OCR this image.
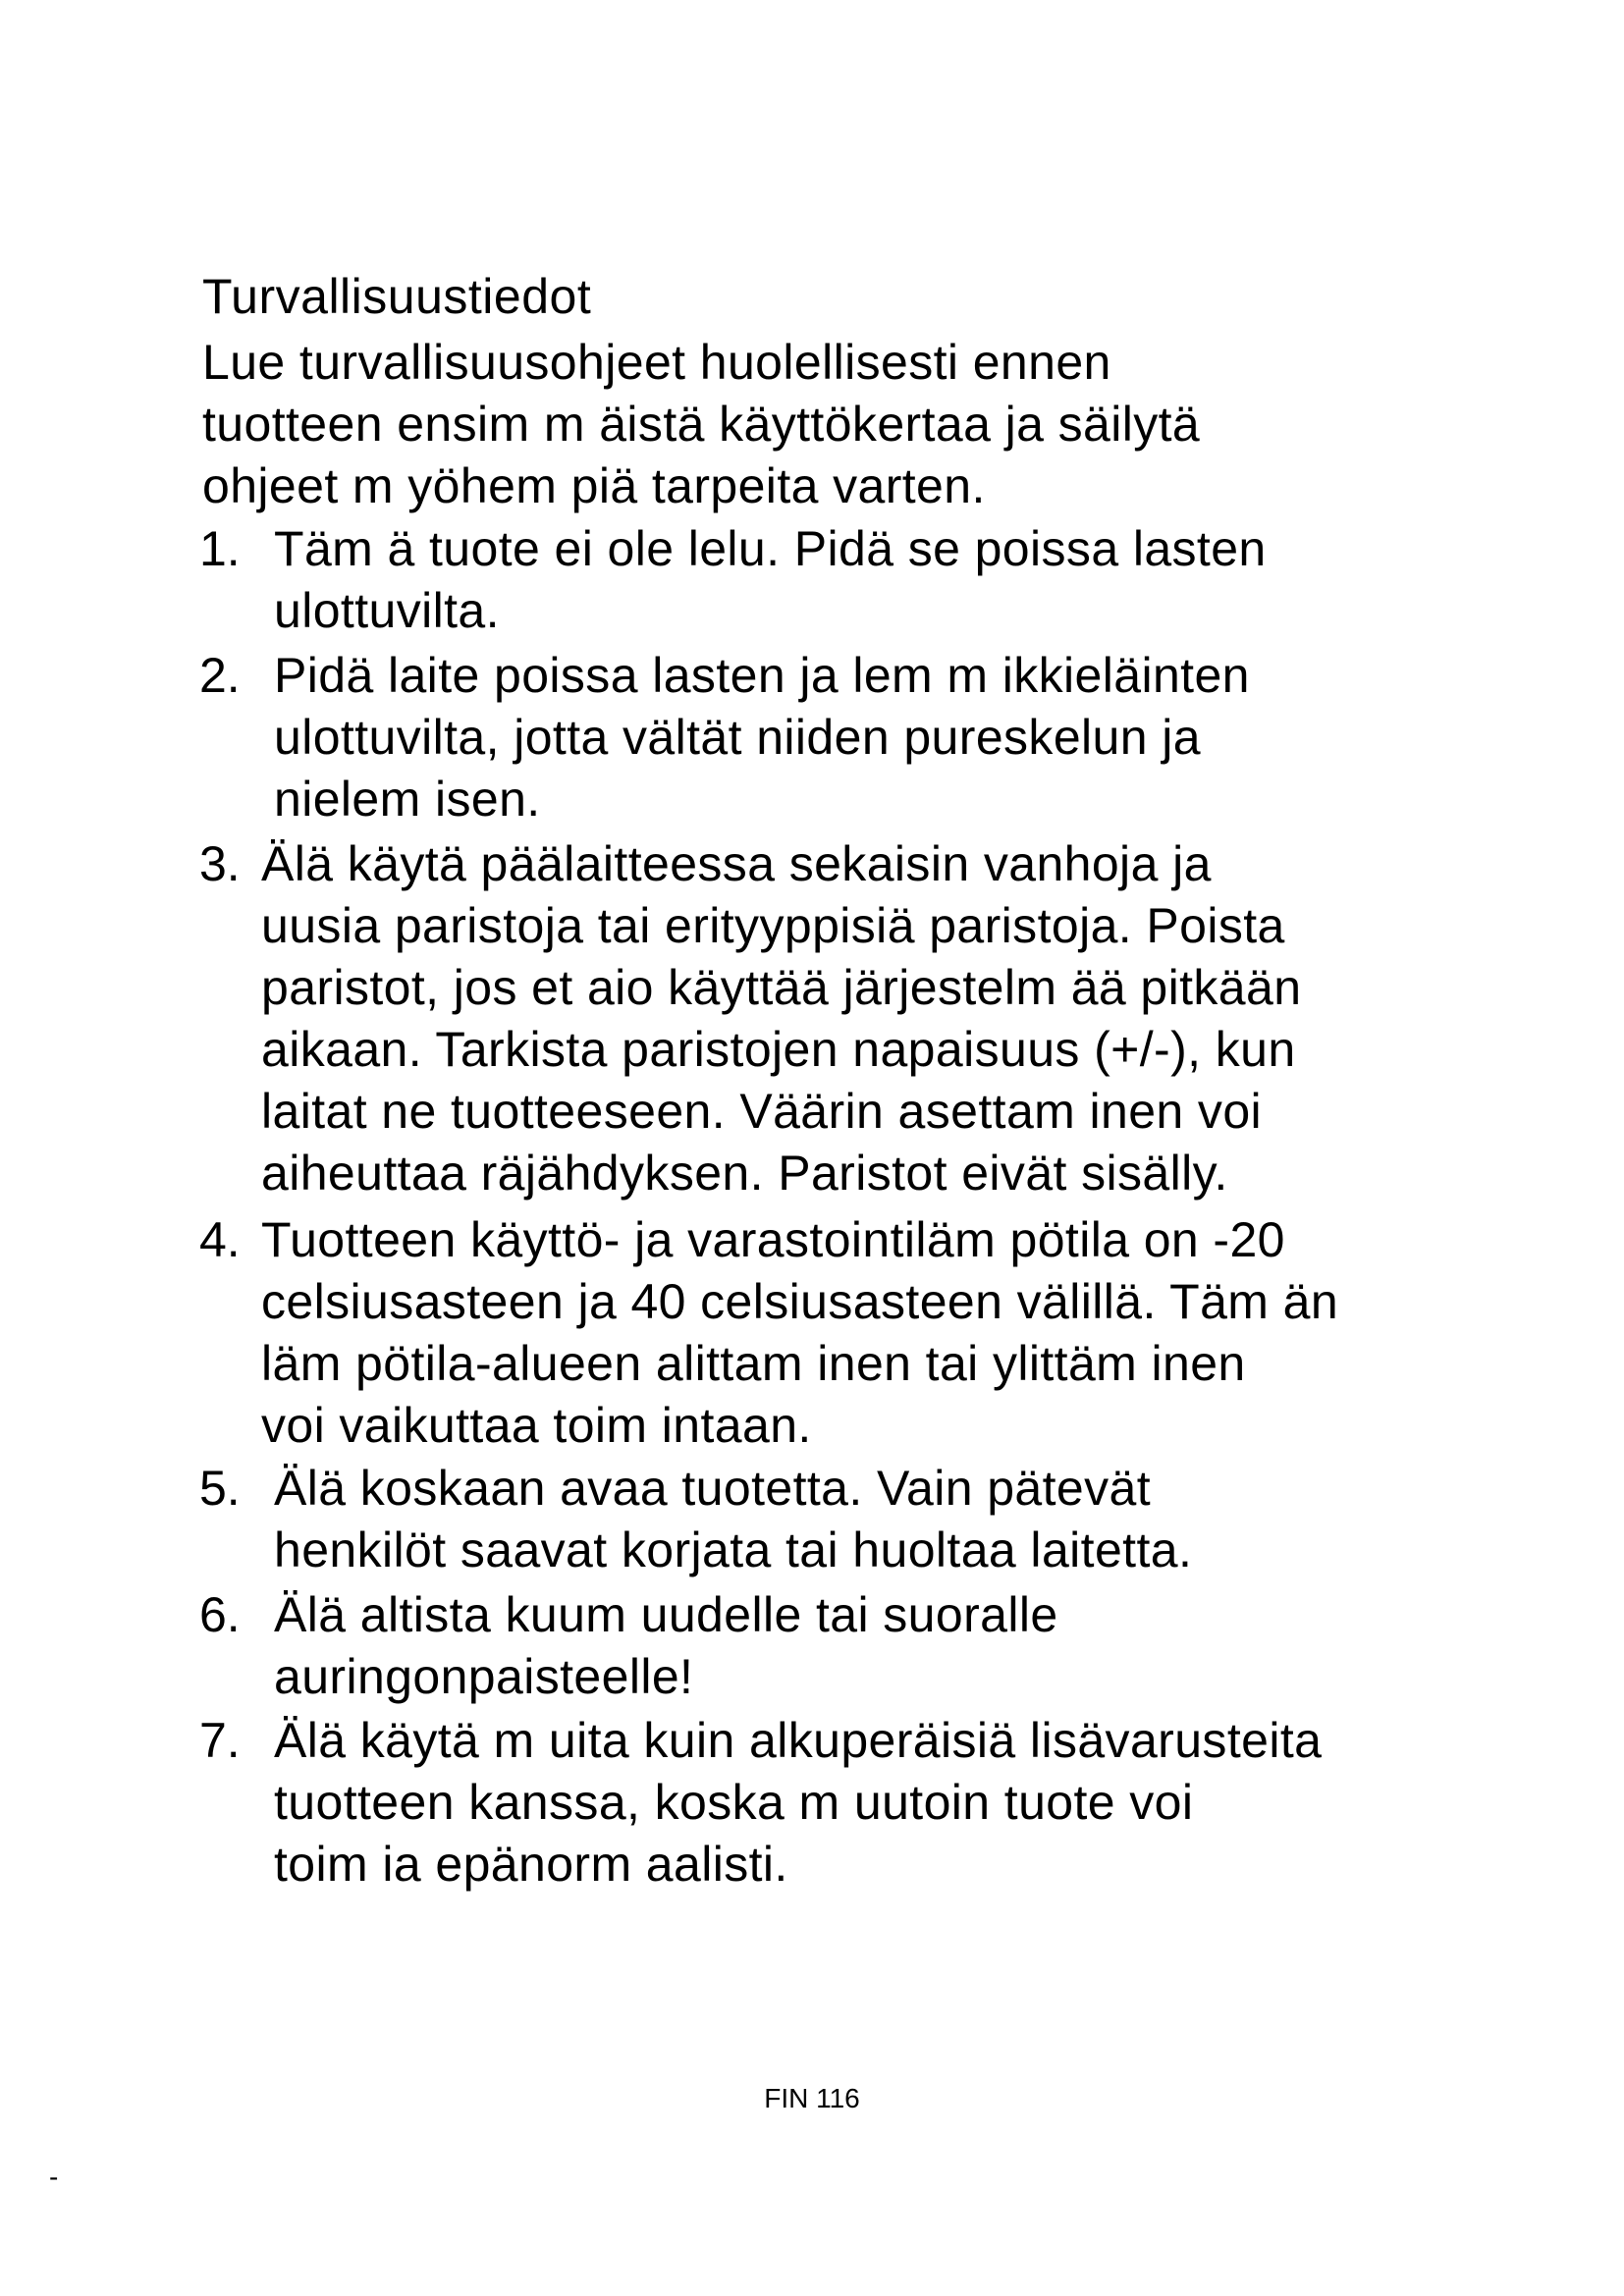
Turvallisuustiedot
Lue turvallisuusohjeet huolellisesti ennen
tuotteen ensim m äistä käyttökertaa ja säilytä
ohjeet m yöhem piä tarpeita varten.
1. Täm ä tuote ei ole lelu. Pidä se poissa lasten
ulottuvilta.
2. Pidä laite poissa lasten ja lem m ikkieläinten
ulottuvilta, jotta vältät niiden pureskelun ja
nielem isen.
3. Älä käytä päälaitteessa sekaisin vanhoja ja
uusia paristoja tai erityyppisiä paristoja. Poista
paristot, jos et aio käyttää järjestelm ää pitkään
aikaan. Tarkista paristojen napaisuus (+/-), kun
laitat ne tuotteeseen. Väärin asettam inen voi
aiheuttaa räjähdyksen. Paristot eivät sisälly.
4. Tuotteen käyttö- ja varastointiläm pötila on -20
celsiusasteen ja 40 celsiusasteen välillä. Täm än
läm pötila-alueen alittam inen tai ylittäm inen
voi vaikuttaa toim intaan.
5. Älä koskaan avaa tuotetta. Vain pätevät
henkilöt saavat korjata tai huoltaa laitetta.
6. Älä altista kuum uudelle tai suoralle
auringonpaisteelle!
7. Älä käytä m uita kuin alkuperäisiä lisävarusteita
tuotteen kanssa, koska m uutoin tuote voi
toim ia epänorm aalisti.
FIN 116
-
